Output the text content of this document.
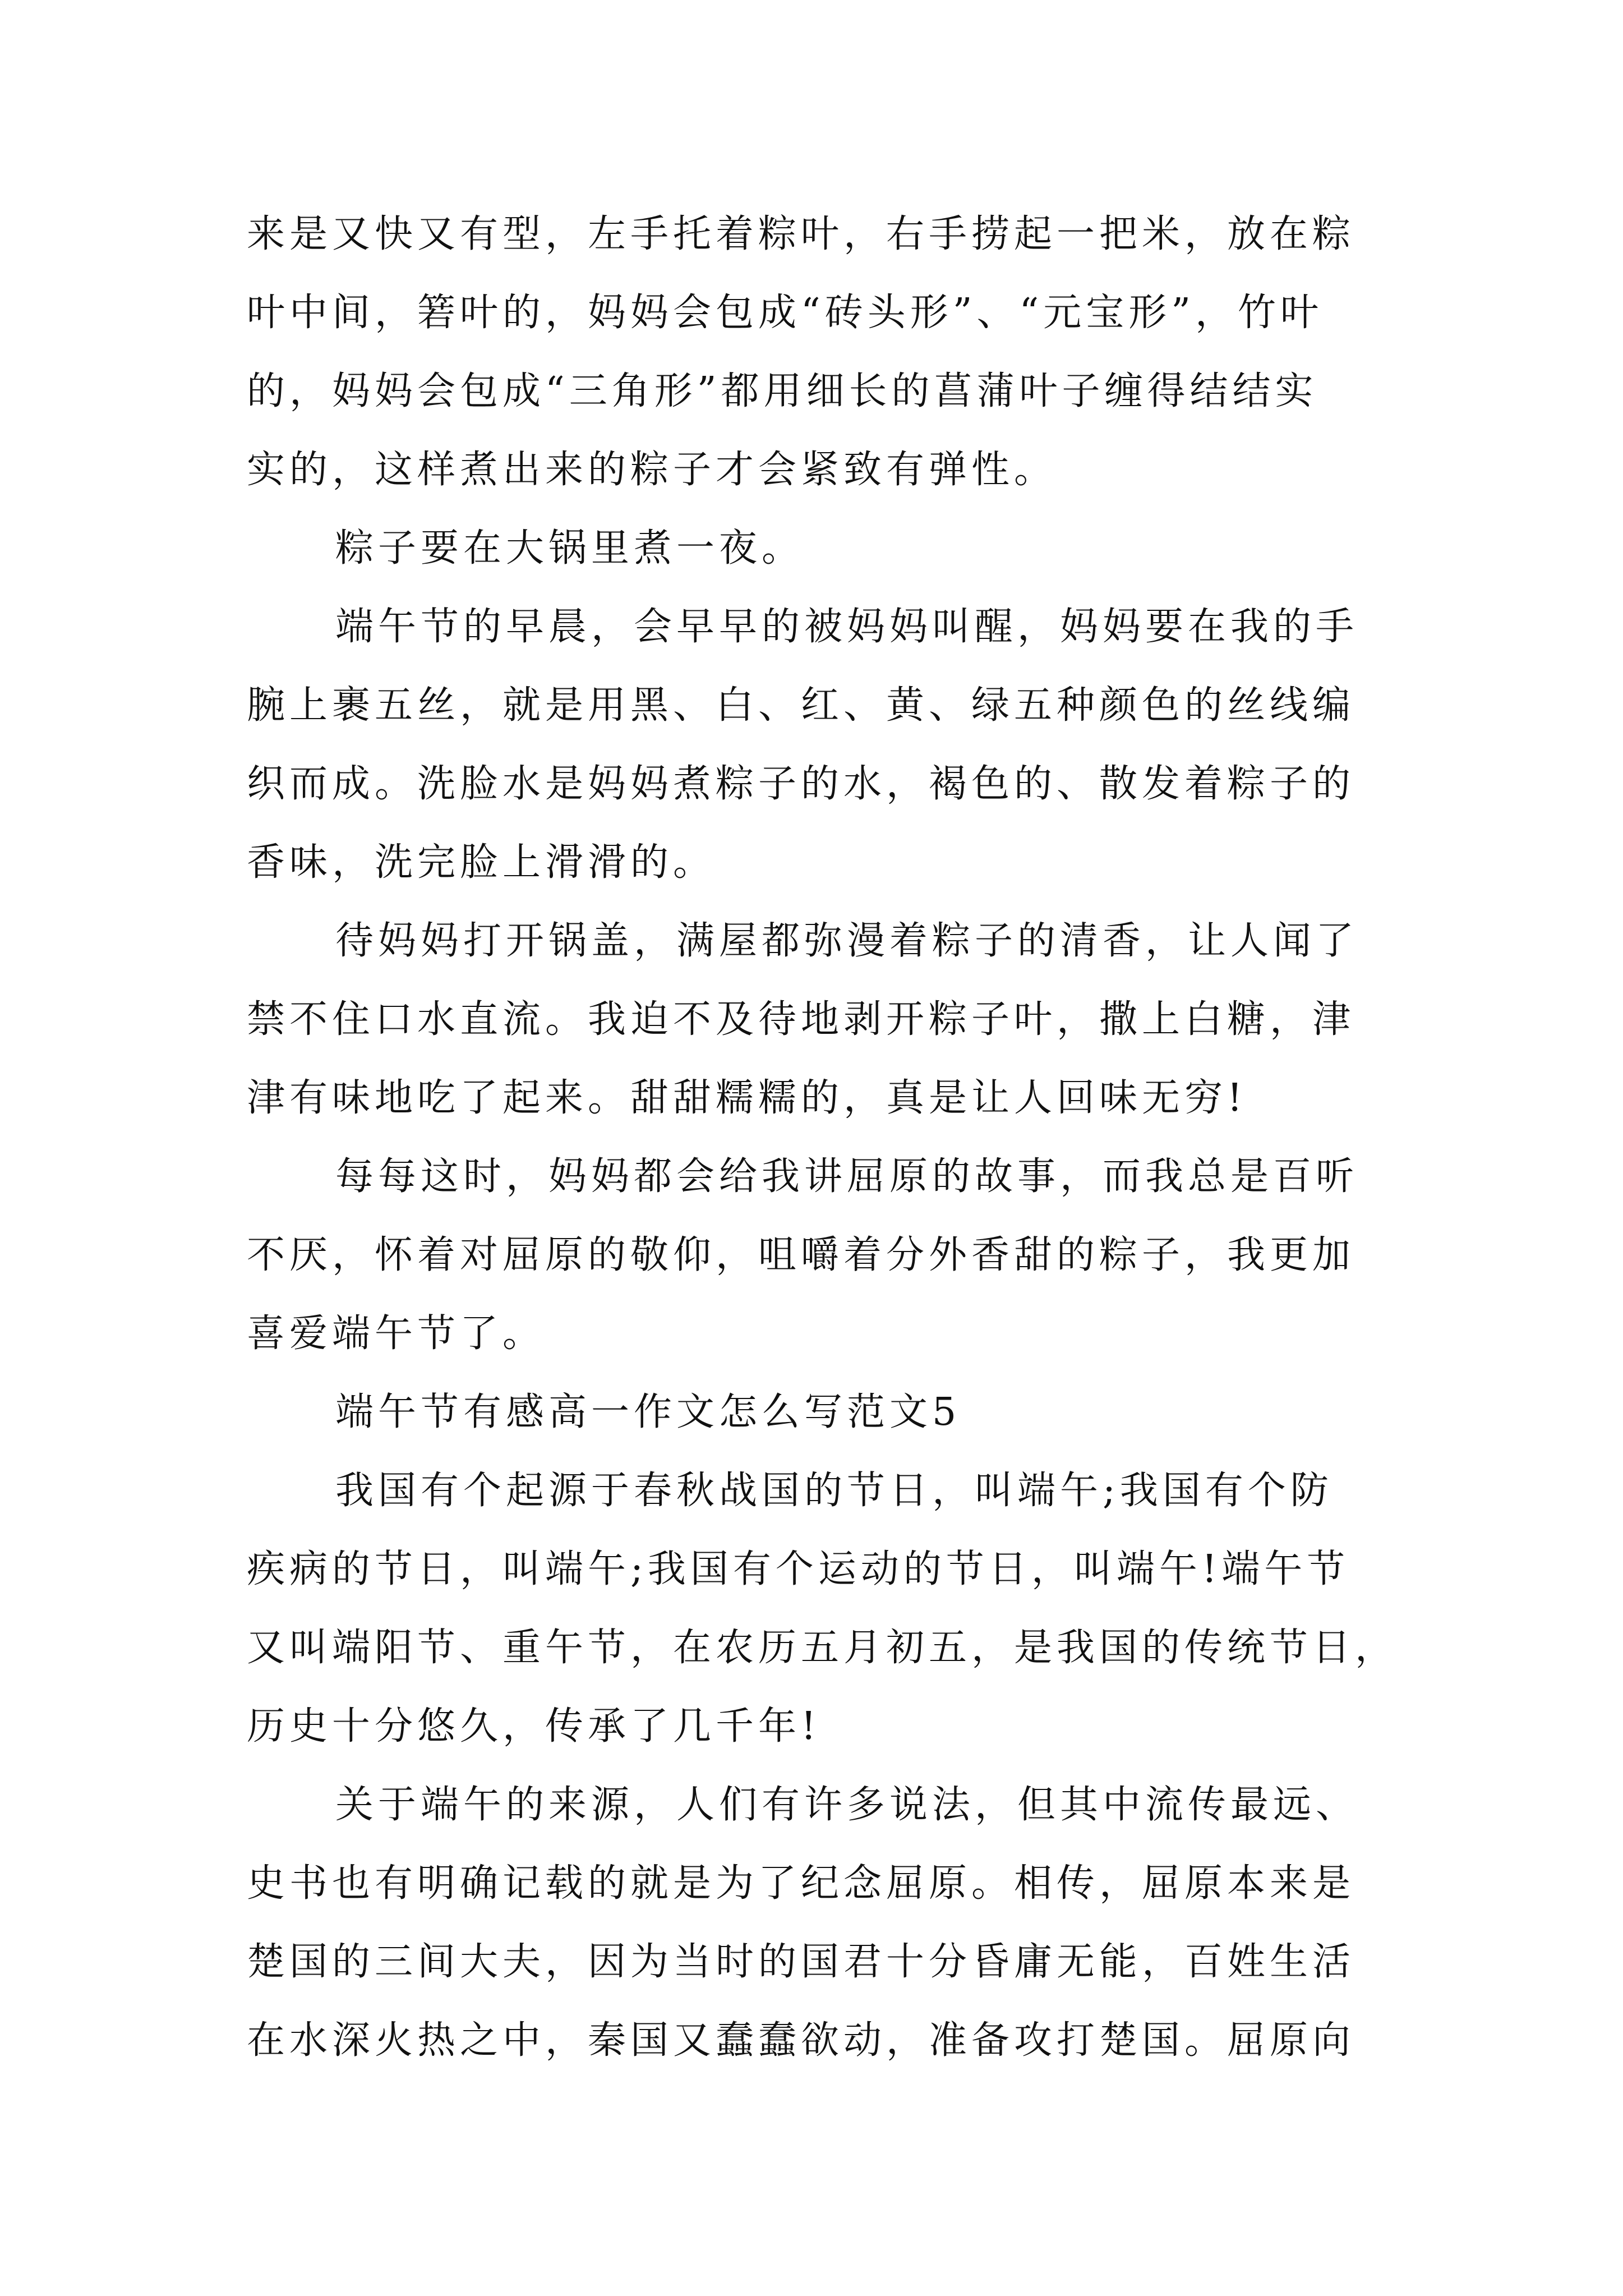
来是又快又有型，左手托着粽叶，右手捞起一把米，放在粽
叶中间，箬叶的，妈妈会包成“砖头形”、“元宝形”，竹叶
的，妈妈会包成“三角形”都用细长的菖蒲叶子缠得结结实
实的，这样煮出来的粽子才会紧致有弹性。
粽子要在大锅里煮一夜。
端午节的早晨，会早早的被妈妈叫醒，妈妈要在我的手
腕上裹五丝，就是用黑、白、红、黄、绿五种颜色的丝线编
织而成。洗脸水是妈妈煮粽子的水，褐色的、散发着粽子的
香味，洗完脸上滑滑的。
待妈妈打开锅盖，满屋都弥漫着粽子的清香，让人闻了
禁不住口水直流。我迫不及待地剥开粽子叶，撒上白糖，津
津有味地吃了起来。甜甜糯糯的，真是让人回味无穷!
每每这时，妈妈都会给我讲屈原的故事，而我总是百听
不厌，怀着对屈原的敬仰，咀嚼着分外香甜的粽子，我更加
喜爱端午节了。
端午节有感高一作文怎么写范文5
我国有个起源于春秋战国的节日，叫端午;我国有个防
疾病的节日，叫端午;我国有个运动的节日，叫端午!端午节
又叫端阳节、重午节，在农历五月初五，是我国的传统节日，
历史十分悠久，传承了几千年!
关于端午的来源，人们有许多说法，但其中流传最远、
史书也有明确记载的就是为了纪念屈原。相传，屈原本来是
楚国的三间大夫，因为当时的国君十分昏庸无能，百姓生活
在水深火热之中，秦国又蠢蠢欲动，准备攻打楚国。屈原向
